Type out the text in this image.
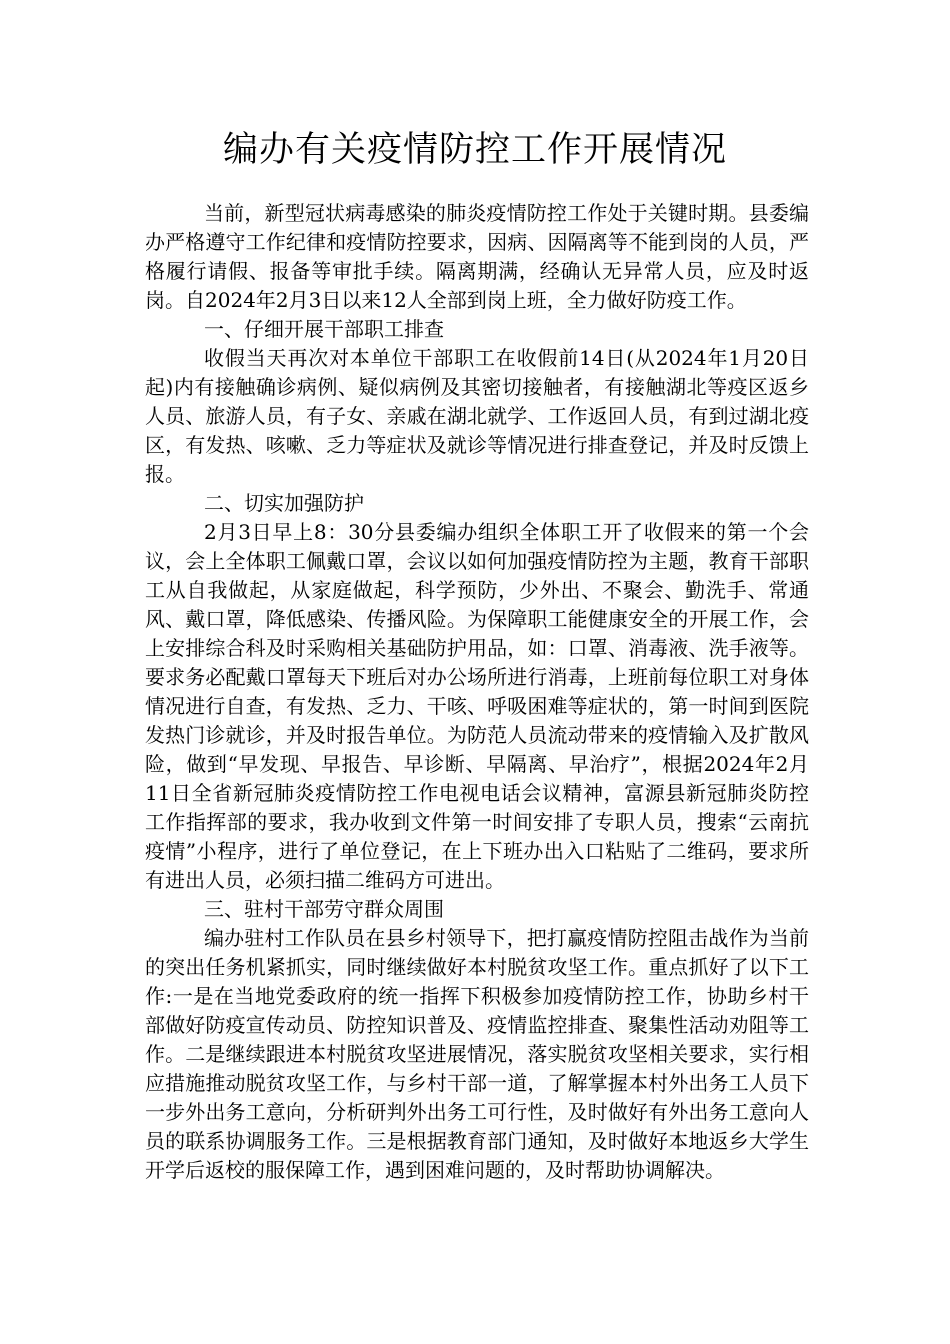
编办有关疫情防控工作开展情况

当前，新型冠状病毒感染的肺炎疫情防控工作处于关键时期。县委编办严格遵守工作纪律和疫情防控要求，因病、因隔离等不能到岗的人员，严格履行请假、报备等审批手续。隔离期满，经确认无异常人员，应及时返岗。自2024年2月3日以来12人全部到岗上班，全力做好防疫工作。

一、仔细开展干部职工排查

收假当天再次对本单位干部职工在收假前14日(从2024年1月20日起)内有接触确诊病例、疑似病例及其密切接触者，有接触湖北等疫区返乡人员、旅游人员，有子女、亲戚在湖北就学、工作返回人员，有到过湖北疫区，有发热、咳嗽、乏力等症状及就诊等情况进行排查登记，并及时反馈上报。

二、切实加强防护

2月3日早上8：30分县委编办组织全体职工开了收假来的第一个会议，会上全体职工佩戴口罩，会议以如何加强疫情防控为主题，教育干部职工从自我做起，从家庭做起，科学预防，少外出、不聚会、勤洗手、常通风、戴口罩，降低感染、传播风险。为保障职工能健康安全的开展工作，会上安排综合科及时采购相关基础防护用品，如：口罩、消毒液、洗手液等。要求务必配戴口罩每天下班后对办公场所进行消毒，上班前每位职工对身体情况进行自查，有发热、乏力、干咳、呼吸困难等症状的，第一时间到医院发热门诊就诊，并及时报告单位。为防范人员流动带来的疫情输入及扩散风险，做到“早发现、早报告、早诊断、早隔离、早治疗”，根据2024年2月11日全省新冠肺炎疫情防控工作电视电话会议精神，富源县新冠肺炎防控工作指挥部的要求，我办收到文件第一时间安排了专职人员，搜索“云南抗疫情”小程序，进行了单位登记，在上下班办出入口粘贴了二维码，要求所有进出人员，必须扫描二维码方可进出。

三、驻村干部劳守群众周围

编办驻村工作队员在县乡村领导下，把打赢疫情防控阻击战作为当前的突出任务机紧抓实，同时继续做好本村脱贫攻坚工作。重点抓好了以下工作:一是在当地党委政府的统一指挥下积极参加疫情防控工作，协助乡村干部做好防疫宣传动员、防控知识普及、疫情监控排查、聚集性活动劝阻等工作。二是继续跟进本村脱贫攻坚进展情况，落实脱贫攻坚相关要求，实行相应措施推动脱贫攻坚工作，与乡村干部一道，了解掌握本村外出务工人员下一步外出务工意向，分析研判外出务工可行性，及时做好有外出务工意向人员的联系协调服务工作。三是根据教育部门通知，及时做好本地返乡大学生开学后返校的服保障工作，遇到困难问题的，及时帮助协调解决。
